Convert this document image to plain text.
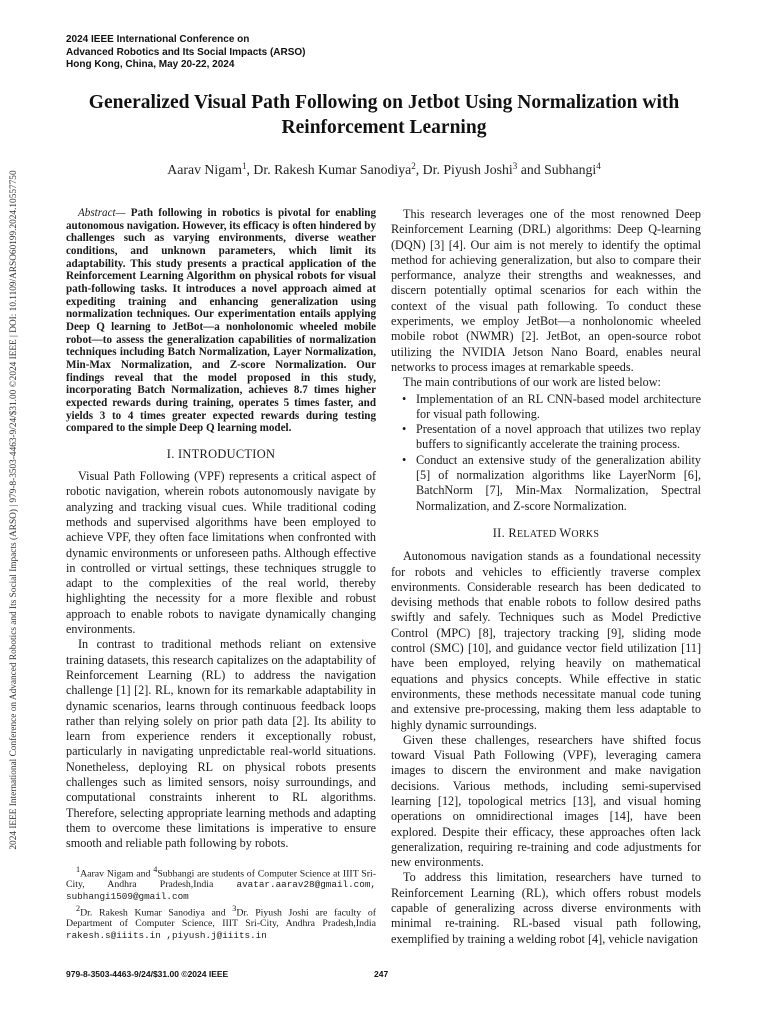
2024 IEEE International Conference on Advanced Robotics and Its Social Impacts (ARSO) | 979-8-3503-4463-9/24/$31.00 ©2024 IEEE | DOI: 10.1109/ARSO60199.2024.10557750
2024 IEEE International Conference on
Advanced Robotics and Its Social Impacts (ARSO)
Hong Kong, China, May 20-22, 2024
Generalized Visual Path Following on Jetbot Using Normalization with Reinforcement Learning
Aarav Nigam$^1$, Dr. Rakesh Kumar Sanodiya$^2$, Dr. Piyush Joshi$^3$ and Subhangi$^4$

Abstract— Path following in robotics is pivotal for enabling autonomous navigation. However, its efficacy is often hindered by challenges such as varying environments, diverse weather conditions, and unknown parameters, which limit its adaptability. This study presents a practical application of the Reinforcement Learning Algorithm on physical robots for visual path-following tasks. It introduces a novel approach aimed at expediting training and enhancing generalization using normalization techniques. Our experimentation entails applying Deep Q learning to JetBot—a nonholonomic wheeled mobile robot—to assess the generalization capabilities of normalization techniques including Batch Normalization, Layer Normalization, Min-Max Normalization, and Z-score Normalization. Our findings reveal that the model proposed in this study, incorporating Batch Normalization, achieves 8.7 times higher expected rewards during training, operates 5 times faster, and yields 3 to 4 times greater expected rewards during testing compared to the simple Deep Q learning model.

I. INTRODUCTION

Visual Path Following (VPF) represents a critical aspect of robotic navigation, wherein robots autonomously navigate by analyzing and tracking visual cues. While traditional coding methods and supervised algorithms have been employed to achieve VPF, they often face limitations when confronted with dynamic environments or unforeseen paths. Although effective in controlled or virtual settings, these techniques struggle to adapt to the complexities of the real world, thereby highlighting the necessity for a more flexible and robust approach to enable robots to navigate dynamically changing environments.

In contrast to traditional methods reliant on extensive training datasets, this research capitalizes on the adaptability of Reinforcement Learning (RL) to address the navigation challenge [1] [2]. RL, known for its remarkable adaptability in dynamic scenarios, learns through continuous feedback loops rather than relying solely on prior path data [2]. Its ability to learn from experience renders it exceptionally robust, particularly in navigating unpredictable real-world situations. Nonetheless, deploying RL on physical robots presents challenges such as limited sensors, noisy surroundings, and computational constraints inherent to RL algorithms. Therefore, selecting appropriate learning methods and adapting them to overcome these limitations is imperative to ensure smooth and reliable path following by robots.

$^1$Aarav Nigam and $^4$Subhangi are students of Computer Science at IIIT Sri-City, Andhra Pradesh,India avatar.aarav28@gmail.com, subhangi1509@gmail.com

$^2$Dr. Rakesh Kumar Sanodiya and $^3$Dr. Piyush Joshi are faculty of Department of Computer Science, IIIT Sri-City, Andhra Pradesh,India rakesh.s@iiits.in ,piyush.j@iiits.in

This research leverages one of the most renowned Deep Reinforcement Learning (DRL) algorithms: Deep Q-learning (DQN) [3] [4]. Our aim is not merely to identify the optimal method for achieving generalization, but also to compare their performance, analyze their strengths and weaknesses, and discern potentially optimal scenarios for each within the context of the visual path following. To conduct these experiments, we employ JetBot—a nonholonomic wheeled mobile robot (NWMR) [2]. JetBot, an open-source robot utilizing the NVIDIA Jetson Nano Board, enables neural networks to process images at remarkable speeds.

The main contributions of our work are listed below:

• Implementation of an RL CNN-based model architecture for visual path following.
• Presentation of a novel approach that utilizes two replay buffers to significantly accelerate the training process.
• Conduct an extensive study of the generalization ability [5] of normalization algorithms like LayerNorm [6], BatchNorm [7], Min-Max Normalization, Spectral Normalization, and Z-score Normalization.
II. RELATED WORKS

Autonomous navigation stands as a foundational necessity for robots and vehicles to efficiently traverse complex environments. Considerable research has been dedicated to devising methods that enable robots to follow desired paths swiftly and safely. Techniques such as Model Predictive Control (MPC) [8], trajectory tracking [9], sliding mode control (SMC) [10], and guidance vector field utilization [11] have been employed, relying heavily on mathematical equations and physics concepts. While effective in static environments, these methods necessitate manual code tuning and extensive pre-processing, making them less adaptable to highly dynamic surroundings.

Given these challenges, researchers have shifted focus toward Visual Path Following (VPF), leveraging camera images to discern the environment and make navigation decisions. Various methods, including semi-supervised learning [12], topological metrics [13], and visual homing operations on omnidirectional images [14], have been explored. Despite their efficacy, these approaches often lack generalization, requiring re-training and code adjustments for new environments.

To address this limitation, researchers have turned to Reinforcement Learning (RL), which offers robust models capable of generalizing across diverse environments with minimal re-training. RL-based visual path following, exemplified by training a welding robot [4], vehicle navigation

979-8-3503-4463-9/24/$31.00 ©2024 IEEE	247
